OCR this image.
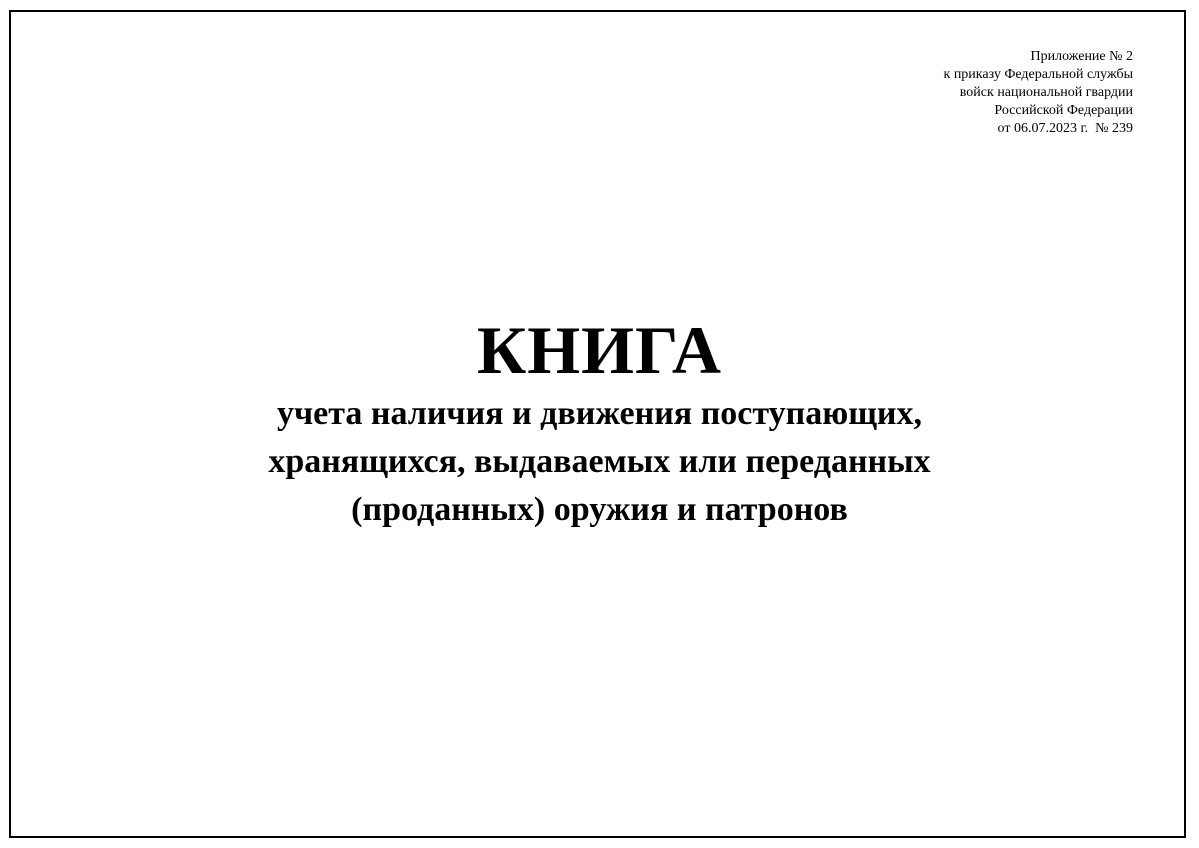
Приложение № 2
к приказу Федеральной службы
войск национальной гвардии
Российской Федерации
от 06.07.2023 г.  № 239
КНИГА
учета наличия и движения поступающих,
хранящихся, выдаваемых или переданных
(проданных) оружия и патронов
